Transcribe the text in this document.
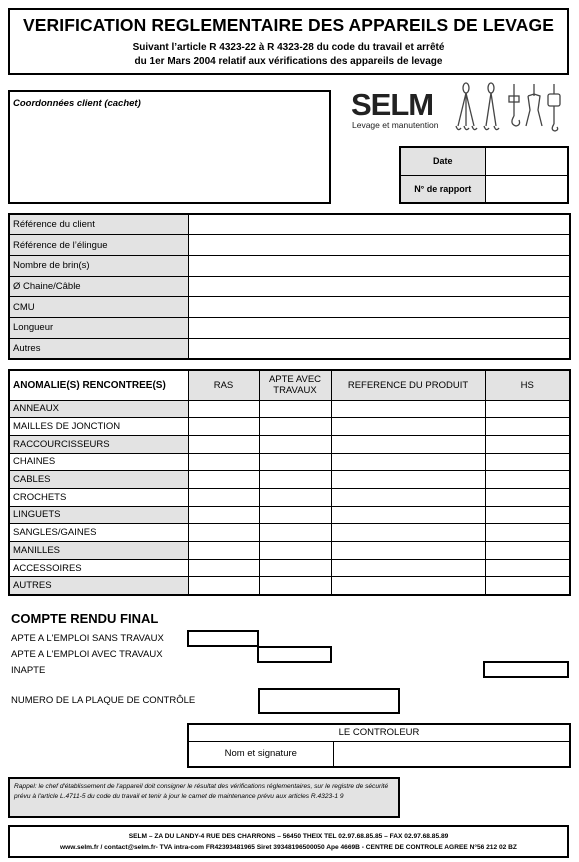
VERIFICATION REGLEMENTAIRE DES APPAREILS DE LEVAGE
Suivant l’article R 4323-22 à R 4323-28 du code du travail et arrêté
du 1er Mars 2004 relatif aux vérifications des appareils de levage
Coordonnées client (cachet)	SELM
Levage et manutention
Date	
N° de rapport	
Référence du client	
Référence de l’élingue	
Nombre de brin(s)	
Ø Chaine/Câble	
CMU	
Longueur	
Autres	
ANOMALIE(S) RENCONTREE(S)	RAS	APTE AVEC TRAVAUX	REFERENCE DU PRODUIT	HS
ANNEAUX				
MAILLES DE JONCTION				
RACCOURCISSEURS				
CHAINES				
CABLES				
CROCHETS				
LINGUETS				
SANGLES/GAINES				
MANILLES				
ACCESSOIRES				
AUTRES				
COMPTE RENDU FINAL
APTE A L'EMPLOI SANS TRAVAUX
APTE A L'EMPLOI AVEC TRAVAUX
INAPTE
NUMERO DE LA PLAQUE DE CONTRÔLE
LE CONTROLEUR
Nom et signature	

Rappel: le chef d'établissement de l'appareil doit consigner le résultat des vérifications réglementaires, sur le registre de sécurité prévu à l'article L.4711-5 du code du travail et tenir à jour le carnet de maintenance prévu aux articles R.4323-1 9

SELM – ZA DU LANDY-4 RUE DES CHARRONS – 56450 THEIX TEL 02.97.68.85.85 – FAX 02.97.68.85.89
www.selm.fr / contact@selm.fr- TVA intra-com FR42393481965 Siret 39348196500050 Ape 4669B - CENTRE DE CONTROLE AGREE N°56 212 02 BZ
